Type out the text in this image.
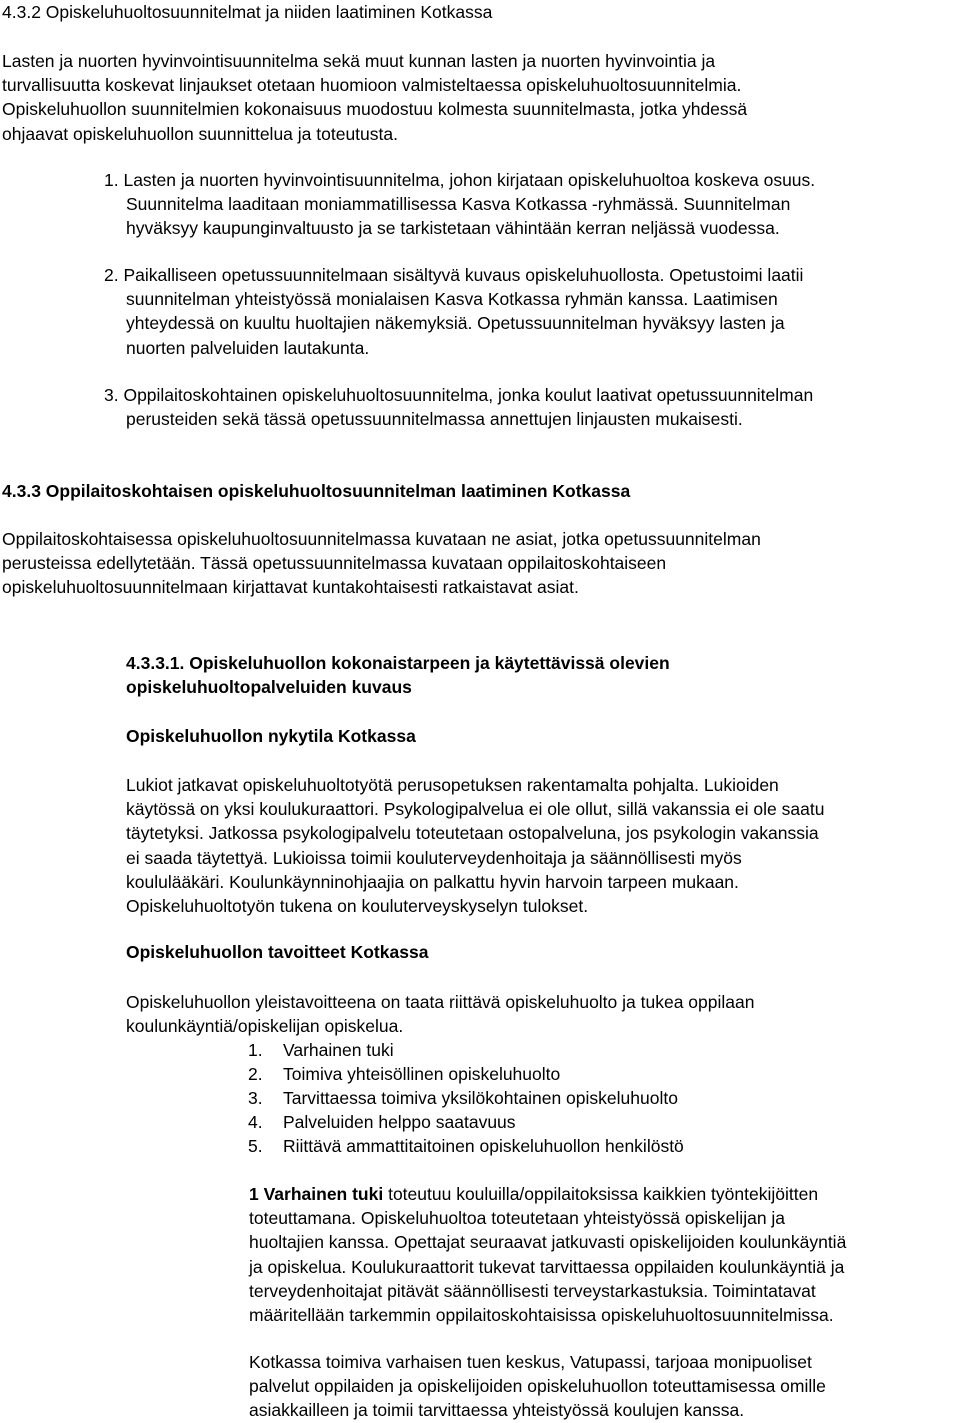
4.3.2 Opiskeluhuoltosuunnitelmat ja niiden laatiminen Kotkassa
Lasten ja nuorten hyvinvointisuunnitelma sekä muut kunnan lasten ja nuorten hyvinvointia ja
turvallisuutta koskevat linjaukset otetaan huomioon valmisteltaessa opiskeluhuoltosuunnitelmia.
Opiskeluhuollon suunnitelmien kokonaisuus muodostuu kolmesta suunnitelmasta, jotka yhdessä
ohjaavat opiskeluhuollon suunnittelua ja toteutusta.
1. Lasten ja nuorten hyvinvointisuunnitelma, johon kirjataan opiskeluhuoltoa koskeva osuus.
Suunnitelma laaditaan moniammatillisessa Kasva Kotkassa -ryhmässä. Suunnitelman
hyväksyy kaupunginvaltuusto ja se tarkistetaan vähintään kerran neljässä vuodessa.
2. Paikalliseen opetussuunnitelmaan sisältyvä kuvaus opiskeluhuollosta. Opetustoimi laatii
suunnitelman yhteistyössä monialaisen Kasva Kotkassa ryhmän kanssa. Laatimisen
yhteydessä on kuultu huoltajien näkemyksiä. Opetussuunnitelman hyväksyy lasten ja
nuorten palveluiden lautakunta.
3. Oppilaitoskohtainen opiskeluhuoltosuunnitelma, jonka koulut laativat opetussuunnitelman
perusteiden sekä tässä opetussuunnitelmassa annettujen linjausten mukaisesti.
4.3.3 Oppilaitoskohtaisen opiskeluhuoltosuunnitelman laatiminen Kotkassa
Oppilaitoskohtaisessa opiskeluhuoltosuunnitelmassa kuvataan ne asiat, jotka opetussuunnitelman
perusteissa edellytetään. Tässä opetussuunnitelmassa kuvataan oppilaitoskohtaiseen
opiskeluhuoltosuunnitelmaan kirjattavat kuntakohtaisesti ratkaistavat asiat.
4.3.3.1. Opiskeluhuollon kokonaistarpeen ja käytettävissä olevien
opiskeluhuoltopalveluiden kuvaus
Opiskeluhuollon nykytila Kotkassa
Lukiot jatkavat opiskeluhuoltotyötä perusopetuksen rakentamalta pohjalta. Lukioiden
käytössä on yksi koulukuraattori. Psykologipalvelua ei ole ollut, sillä vakanssia ei ole saatu
täytetyksi. Jatkossa psykologipalvelu toteutetaan ostopalveluna, jos psykologin vakanssia
ei saada täytettyä. Lukioissa toimii kouluterveydenhoitaja ja säännöllisesti myös
koululääkäri. Koulunkäynninohjaajia on palkattu hyvin harvoin tarpeen mukaan.
Opiskeluhuoltotyön tukena on kouluterveyskyselyn tulokset.
Opiskeluhuollon tavoitteet Kotkassa
Opiskeluhuollon yleistavoitteena on taata riittävä opiskeluhuolto ja tukea oppilaan
koulunkäyntiä/opiskelijan opiskelua.
1. Varhainen tuki
2. Toimiva yhteisöllinen opiskeluhuolto
3. Tarvittaessa toimiva yksilökohtainen opiskeluhuolto
4. Palveluiden helppo saatavuus
5. Riittävä ammattitaitoinen opiskeluhuollon henkilöstö
1 Varhainen tuki toteutuu kouluilla/oppilaitoksissa kaikkien työntekijöitten
toteuttamana. Opiskeluhuoltoa toteutetaan yhteistyössä opiskelijan ja
huoltajien kanssa. Opettajat seuraavat jatkuvasti opiskelijoiden koulunkäyntiä
ja opiskelua. Koulukuraattorit tukevat tarvittaessa oppilaiden koulunkäyntiä ja
terveydenhoitajat pitävät säännöllisesti terveystarkastuksia. Toimintatavat
määritellään tarkemmin oppilaitoskohtaisissa opiskeluhuoltosuunnitelmissa.
Kotkassa toimiva varhaisen tuen keskus, Vatupassi, tarjoaa monipuoliset
palvelut oppilaiden ja opiskelijoiden opiskeluhuollon toteuttamisessa omille
asiakkailleen ja toimii tarvittaessa yhteistyössä koulujen kanssa.
